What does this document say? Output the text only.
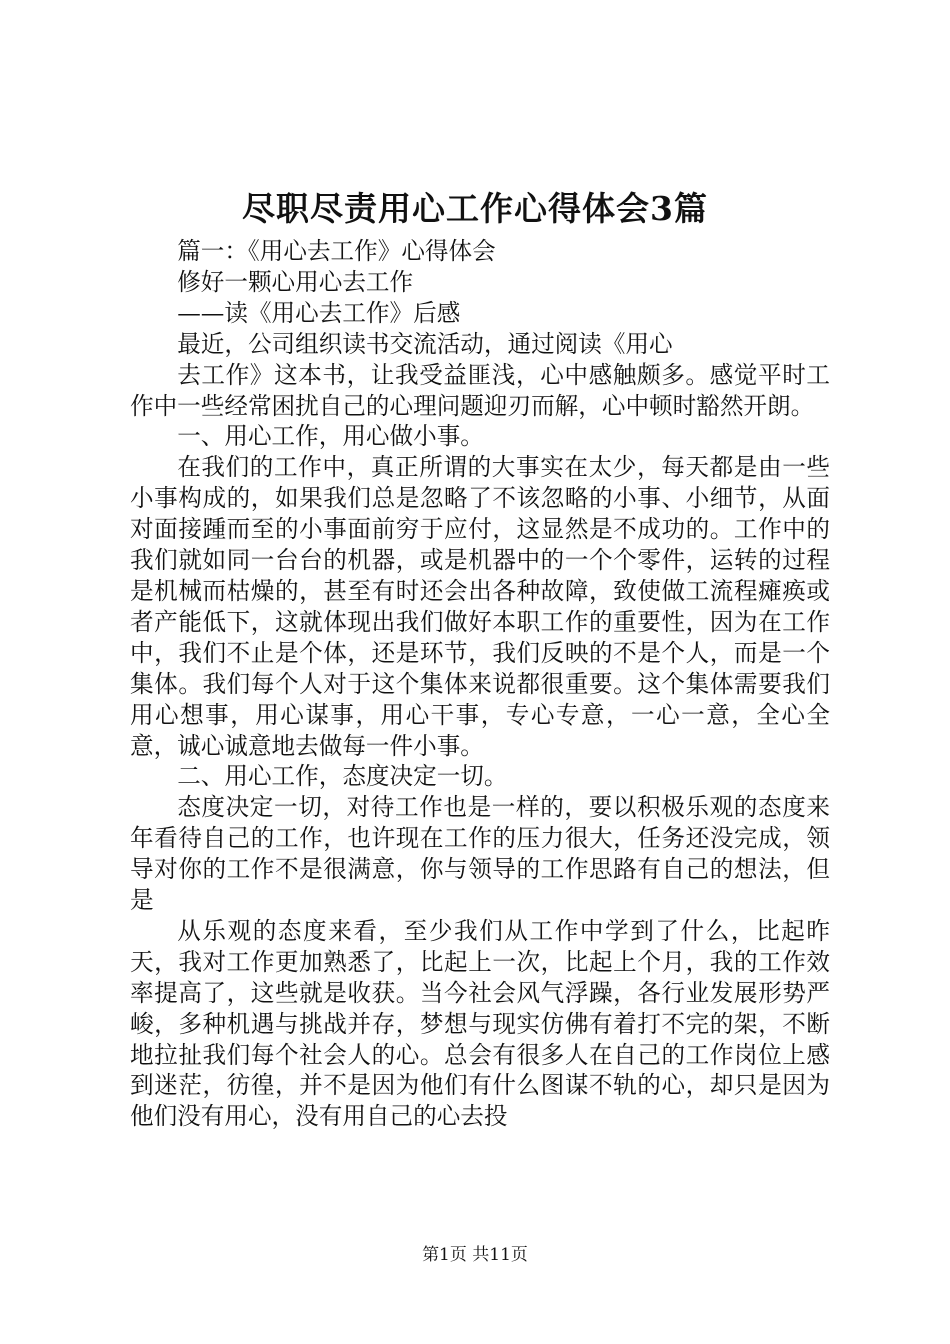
尽职尽责用心工作心得体会3篇

篇一：《用心去工作》心得体会

修好一颗心用心去工作

——读《用心去工作》后感

最近，公司组织读书交流活动，通过阅读《用心

去工作》这本书，让我受益匪浅，心中感触颇多。感觉平时工作中一些经常困扰自己的心理问题迎刃而解，心中顿时豁然开朗。

一、用心工作，用心做小事。

在我们的工作中，真正所谓的大事实在太少，每天都是由一些小事构成的，如果我们总是忽略了不该忽略的小事、小细节，从面对面接踵而至的小事面前穷于应付，这显然是不成功的。工作中的我们就如同一台台的机器，或是机器中的一个个零件，运转的过程是机械而枯燥的，甚至有时还会出各种故障，致使做工流程瘫痪或者产能低下，这就体现出我们做好本职工作的重要性，因为在工作中，我们不止是个体，还是环节，我们反映的不是个人，而是一个集体。我们每个人对于这个集体来说都很重要。这个集体需要我们用心想事，用心谋事，用心干事，专心专意，一心一意，全心全意，诚心诚意地去做每一件小事。

二、用心工作，态度决定一切。

态度决定一切，对待工作也是一样的，要以积极乐观的态度来年看待自己的工作，也许现在工作的压力很大，任务还没完成，领导对你的工作不是很满意，你与领导的工作思路有自己的想法，但是

从乐观的态度来看，至少我们从工作中学到了什么，比起昨天，我对工作更加熟悉了，比起上一次，比起上个月，我的工作效率提高了，这些就是收获。当今社会风气浮躁，各行业发展形势严峻，多种机遇与挑战并存，梦想与现实仿佛有着打不完的架，不断地拉扯我们每个社会人的心。总会有很多人在自己的工作岗位上感到迷茫，彷徨，并不是因为他们有什么图谋不轨的心，却只是因为他们没有用心，没有用自己的心去投

第1页 共11页
